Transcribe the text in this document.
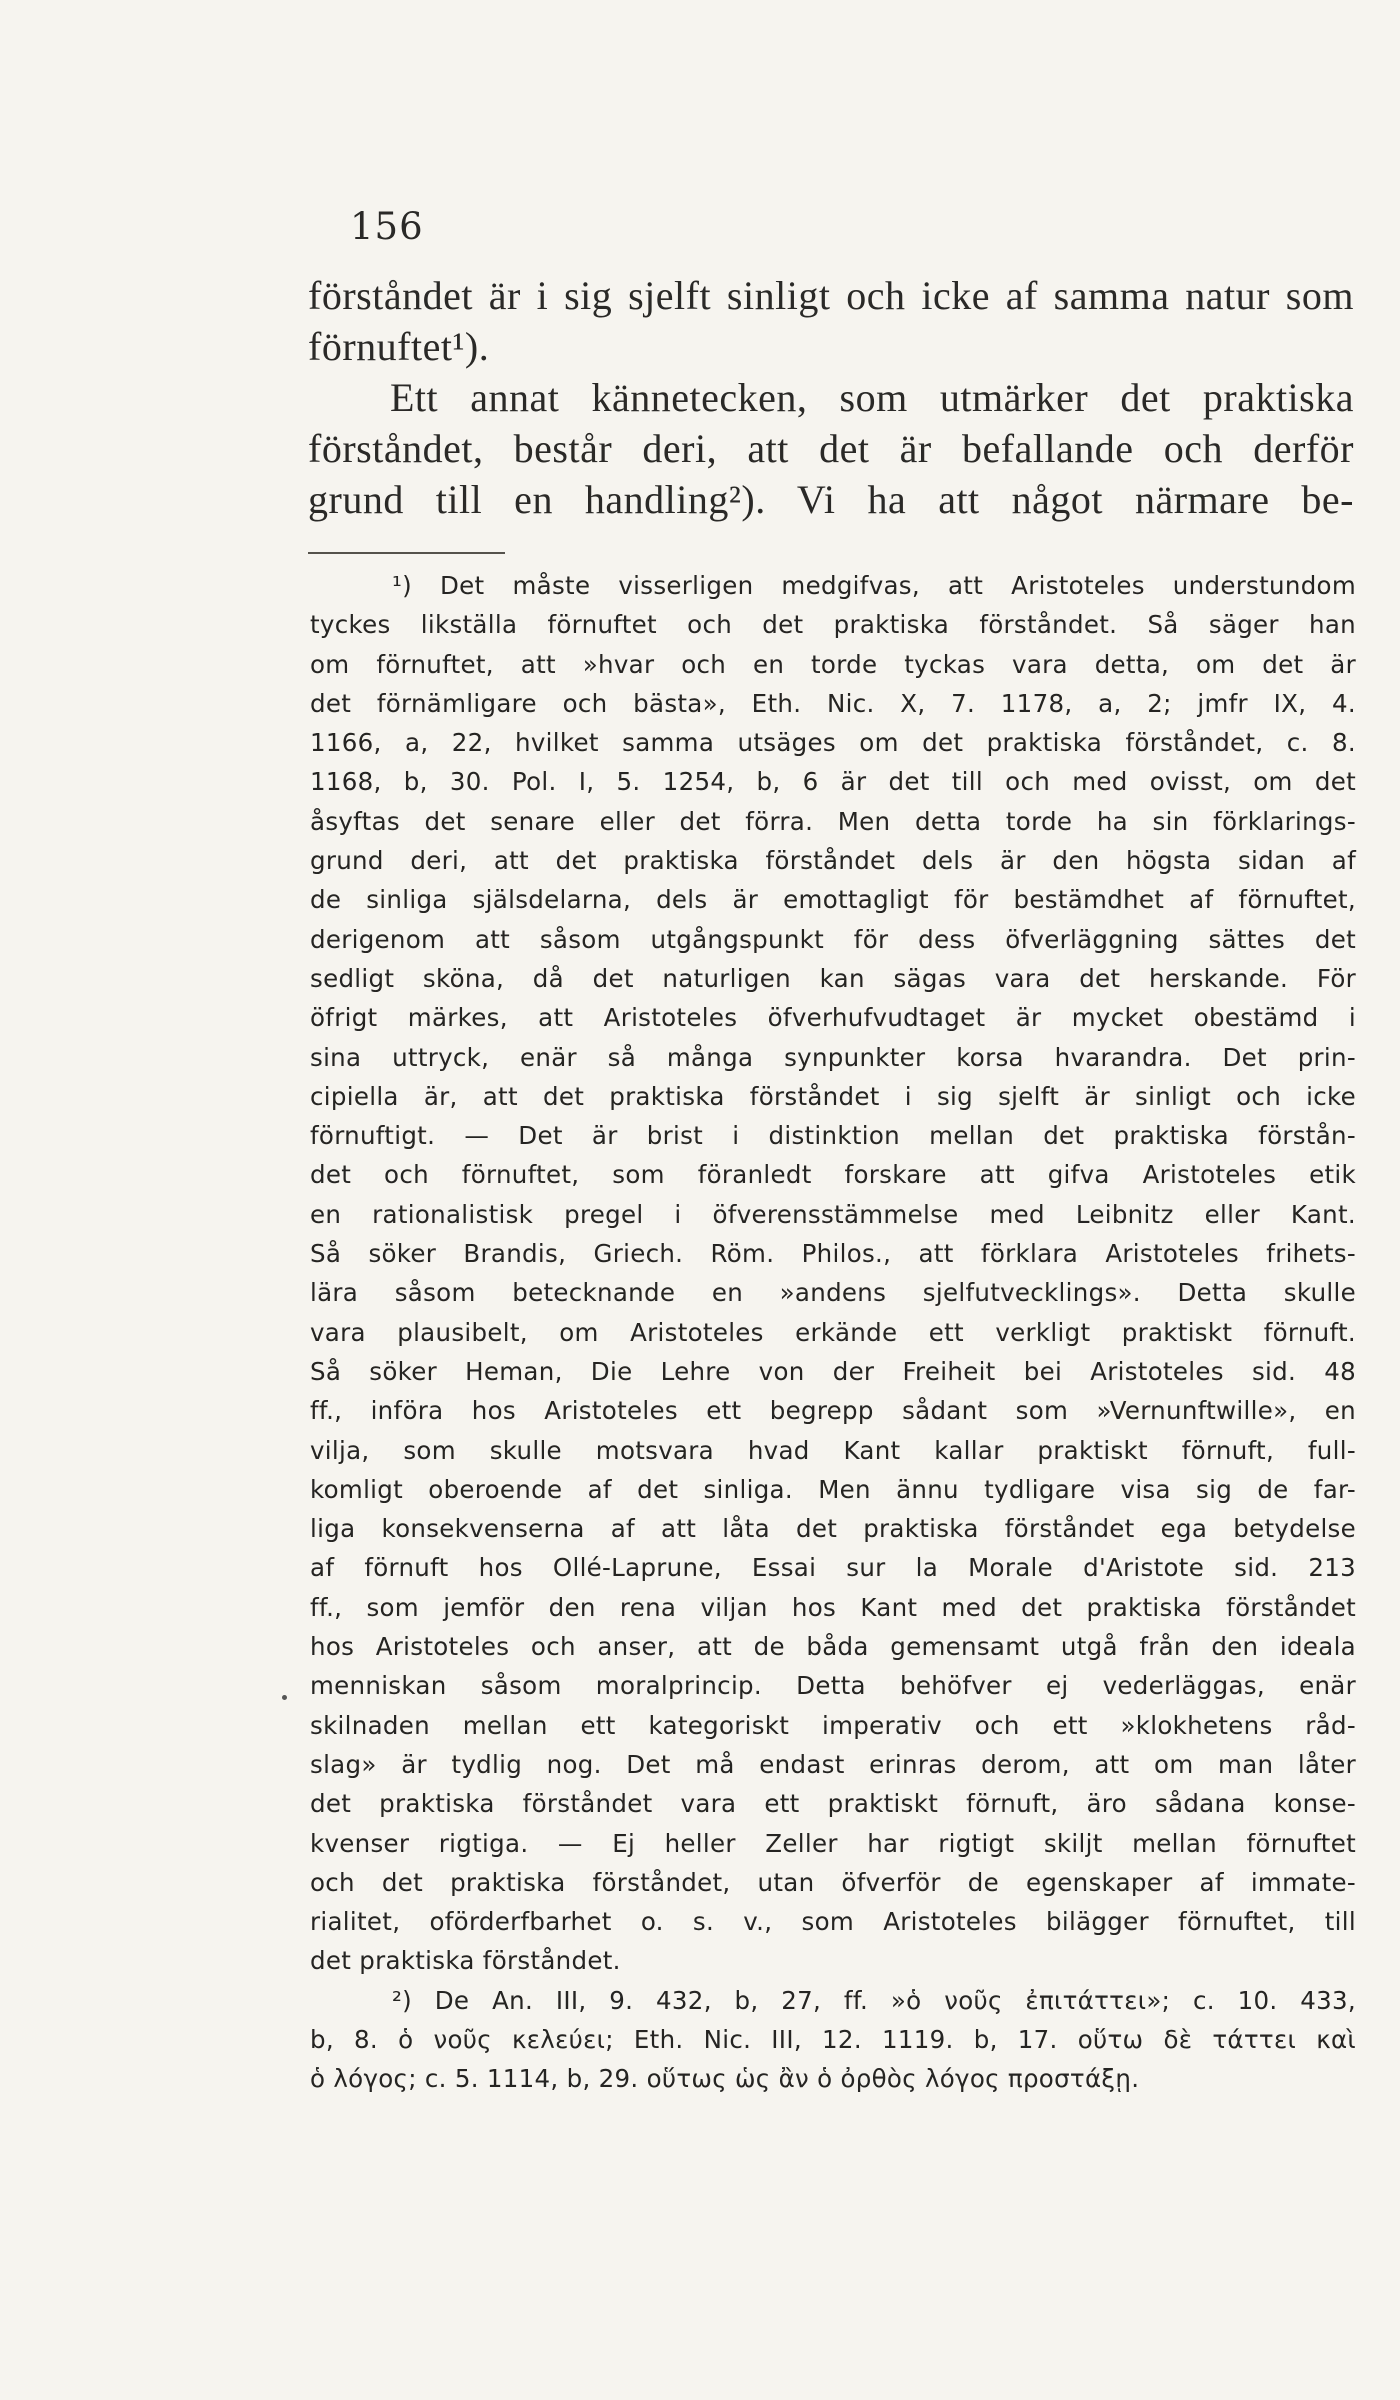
156
förståndet är i sig sjelft sinligt och icke af samma natur som
förnuftet¹).
Ett annat kännetecken, som utmärker det praktiska
förståndet, består deri, att det är befallande och derför
grund till en handling²). Vi ha att något närmare be-
¹) Det måste visserligen medgifvas, att Aristoteles understundom
tyckes likställa förnuftet och det praktiska förståndet. Så säger han
om förnuftet, att »hvar och en torde tyckas vara detta, om det är
det förnämligare och bästa», Eth. Nic. X, 7. 1178, a, 2; jmfr IX, 4.
1166, a, 22, hvilket samma utsäges om det praktiska förståndet, c. 8.
1168, b, 30. Pol. I, 5. 1254, b, 6 är det till och med ovisst, om det
åsyftas det senare eller det förra. Men detta torde ha sin förklarings-
grund deri, att det praktiska förståndet dels är den högsta sidan af
de sinliga själsdelarna, dels är emottagligt för bestämdhet af förnuftet,
derigenom att såsom utgångspunkt för dess öfverläggning sättes det
sedligt sköna, då det naturligen kan sägas vara det herskande. För
öfrigt märkes, att Aristoteles öfverhufvudtaget är mycket obestämd i
sina uttryck, enär så många synpunkter korsa hvarandra. Det prin-
cipiella är, att det praktiska förståndet i sig sjelft är sinligt och icke
förnuftigt. — Det är brist i distinktion mellan det praktiska förstån-
det och förnuftet, som föranledt forskare att gifva Aristoteles etik
en rationalistisk pregel i öfverensstämmelse med Leibnitz eller Kant.
Så söker Brandis, Griech. Röm. Philos., att förklara Aristoteles frihets-
lära såsom betecknande en »andens sjelfutvecklings». Detta skulle
vara plausibelt, om Aristoteles erkände ett verkligt praktiskt förnuft.
Så söker Heman, Die Lehre von der Freiheit bei Aristoteles sid. 48
ff., införa hos Aristoteles ett begrepp sådant som »Vernunftwille», en
vilja, som skulle motsvara hvad Kant kallar praktiskt förnuft, full-
komligt oberoende af det sinliga. Men ännu tydligare visa sig de far-
liga konsekvenserna af att låta det praktiska förståndet ega betydelse
af förnuft hos Ollé-Laprune, Essai sur la Morale d'Aristote sid. 213
ff., som jemför den rena viljan hos Kant med det praktiska förståndet
hos Aristoteles och anser, att de båda gemensamt utgå från den ideala
menniskan såsom moralprincip. Detta behöfver ej vederläggas, enär
skilnaden mellan ett kategoriskt imperativ och ett »klokhetens råd-
slag» är tydlig nog. Det må endast erinras derom, att om man låter
det praktiska förståndet vara ett praktiskt förnuft, äro sådana konse-
kvenser rigtiga. — Ej heller Zeller har rigtigt skiljt mellan förnuftet
och det praktiska förståndet, utan öfverför de egenskaper af immate-
rialitet, oförderfbarhet o. s. v., som Aristoteles bilägger förnuftet, till
det praktiska förståndet.
²) De An. III, 9. 432, b, 27, ff. »ὁ νοῦς ἐπιτάττει»; c. 10. 433,
b, 8. ὁ νοῦς κελεύει; Eth. Nic. III, 12. 1119. b, 17. οὕτω δὲ τάττει καὶ
ὁ λόγος; c. 5. 1114, b, 29. οὕτως ὡς ἂν ὁ ὀρθὸς λόγος προστάξῃ.
